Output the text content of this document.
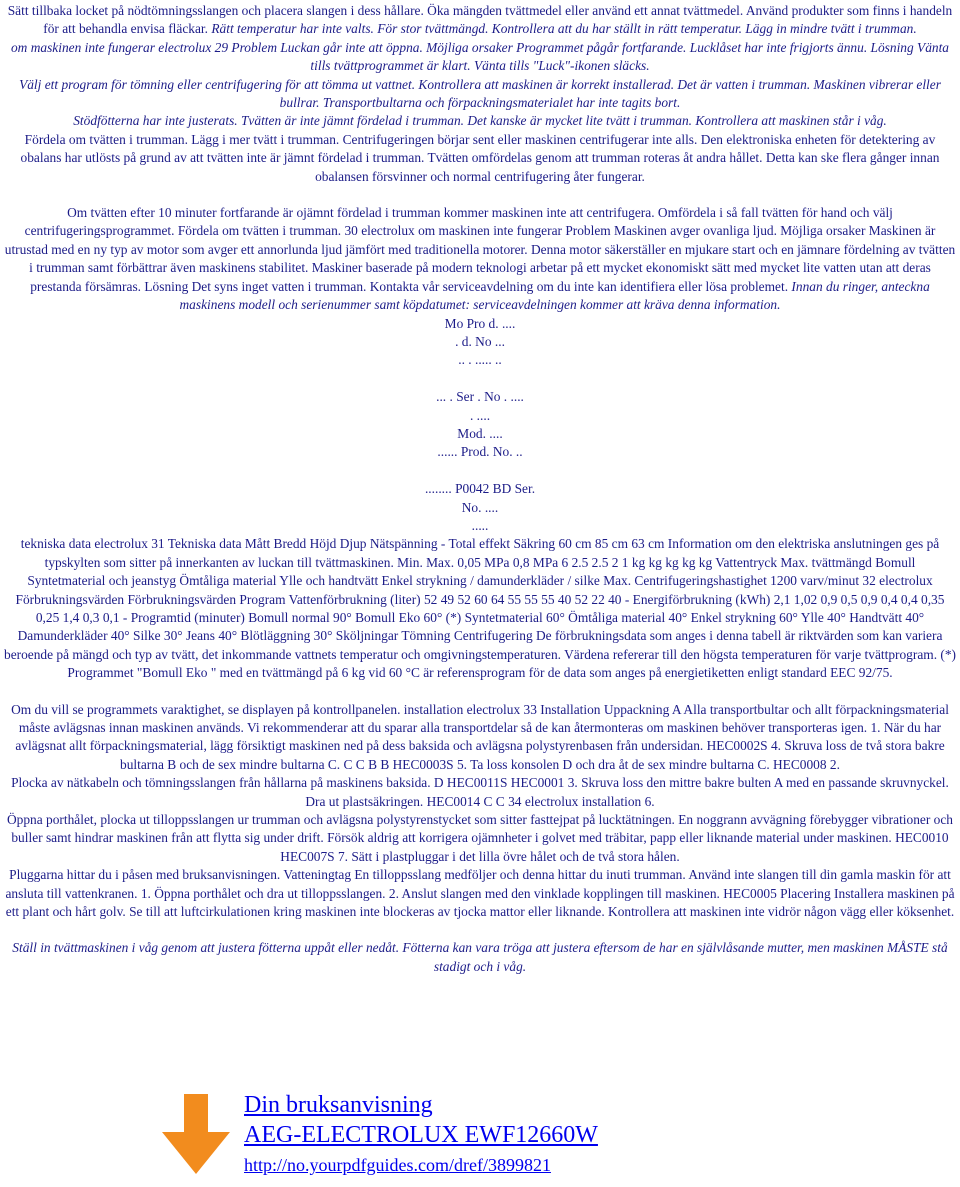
Sätt tillbaka locket på nödtömningsslangen och placera slangen i dess hållare. Öka mängden tvättmedel eller använd ett annat tvättmedel. Använd produkter som finns i handeln för att behandla envisa fläckar. Rätt temperatur har inte valts. För stor tvättmängd. Kontrollera att du har ställt in rätt temperatur. Lägg in mindre tvätt i trumman.

om maskinen inte fungerar electrolux 29 Problem Luckan går inte att öppna. Möjliga orsaker Programmet pågår fortfarande. Lucklåset har inte frigjorts ännu. Lösning Vänta tills tvättprogrammet är klart. Vänta tills "Luck"-ikonen släcks.

Välj ett program för tömning eller centrifugering för att tömma ut vattnet. Kontrollera att maskinen är korrekt installerad. Det är vatten i trumman. Maskinen vibrerar eller bullrar. Transportbultarna och förpackningsmaterialet har inte tagits bort.

Stödfötterna har inte justerats. Tvätten är inte jämnt fördelad i trumman. Det kanske är mycket lite tvätt i trumman. Kontrollera att maskinen står i våg.

Fördela om tvätten i trumman. Lägg i mer tvätt i trumman. Centrifugeringen börjar sent eller maskinen centrifugerar inte alls. Den elektroniska enheten för detektering av obalans har utlösts på grund av att tvätten inte är jämnt fördelad i trumman. Tvätten omfördelas genom att trumman roteras åt andra hållet. Detta kan ske flera gånger innan obalansen försvinner och normal centrifugering åter fungerar.

Om tvätten efter 10 minuter fortfarande är ojämnt fördelad i trumman kommer maskinen inte att centrifugera. Omfördela i så fall tvätten för hand och välj centrifugeringsprogrammet. Fördela om tvätten i trumman. 30 electrolux om maskinen inte fungerar Problem Maskinen avger ovanliga ljud. Möjliga orsaker Maskinen är utrustad med en ny typ av motor som avger ett annorlunda ljud jämfört med traditionella motorer. Denna motor säkerställer en mjukare start och en jämnare fördelning av tvätten i trumman samt förbättrar även maskinens stabilitet. Maskiner baserade på modern teknologi arbetar på ett mycket ekonomiskt sätt med mycket lite vatten utan att deras prestanda försämras. Lösning Det syns inget vatten i trumman. Kontakta vår serviceavdelning om du inte kan identifiera eller lösa problemet. Innan du ringer, anteckna maskinens modell och serienummer samt köpdatumet: serviceavdelningen kommer att kräva denna information.

Mo Pro d. ....

. d. No ...

.. . ..... ..

... . Ser . No . ....

. ....

Mod. ....

...... Prod. No. ..

........ P0042 BD Ser.

No. ....

.....

tekniska data electrolux 31 Tekniska data Mått Bredd Höjd Djup Nätspänning - Total effekt Säkring 60 cm 85 cm 63 cm Information om den elektriska anslutningen ges på typskylten som sitter på innerkanten av luckan till tvättmaskinen. Min. Max. 0,05 MPa 0,8 MPa 6 2.5 2.5 2 1 kg kg kg kg kg Vattentryck Max. tvättmängd Bomull Syntetmaterial och jeanstyg Ömtåliga material Ylle och handtvätt Enkel strykning / damunderkläder / silke Max. Centrifugeringshastighet 1200 varv/minut 32 electrolux Förbrukningsvärden Förbrukningsvärden Program Vattenförbrukning (liter) 52 49 52 60 64 55 55 55 40 52 22 40 - Energiförbrukning (kWh) 2,1 1,02 0,9 0,5 0,9 0,4 0,4 0,35 0,25 1,4 0,3 0,1 - Programtid (minuter) Bomull normal 90° Bomull Eko 60° (*) Syntetmaterial 60° Ömtåliga material 40° Enkel strykning 60° Ylle 40° Handtvätt 40° Damunderkläder 40° Silke 30° Jeans 40° Blötläggning 30° Sköljningar Tömning Centrifugering De förbrukningsdata som anges i denna tabell är riktvärden som kan variera beroende på mängd och typ av tvätt, det inkommande vattnets temperatur och omgivningstemperaturen. Värdena refererar till den högsta temperaturen för varje tvättprogram. (*) Programmet "Bomull Eko " med en tvättmängd på 6 kg vid 60 °C är referensprogram för de data som anges på energietiketten enligt standard EEC 92/75.

Om du vill se programmets varaktighet, se displayen på kontrollpanelen. installation electrolux 33 Installation Uppackning A Alla transportbultar och allt förpackningsmaterial måste avlägsnas innan maskinen används. Vi rekommenderar att du sparar alla transportdelar så de kan återmonteras om maskinen behöver transporteras igen. 1. När du har avlägsnat allt förpackningsmaterial, lägg försiktigt maskinen ned på dess baksida och avlägsna polystyrenbasen från undersidan. HEC0002S 4. Skruva loss de två stora bakre bultarna B och de sex mindre bultarna C. C C B B HEC0003S 5. Ta loss konsolen D och dra åt de sex mindre bultarna C. HEC0008 2.

Plocka av nätkabeln och tömningsslangen från hållarna på maskinens baksida. D HEC0011S HEC0001 3. Skruva loss den mittre bakre bulten A med en passande skruvnyckel. Dra ut plastsäkringen. HEC0014 C C 34 electrolux installation 6.

Öppna porthålet, plocka ut tilloppsslangen ur trumman och avlägsna polystyrenstycket som sitter fasttejpat på lucktätningen. En noggrann avvägning förebygger vibrationer och buller samt hindrar maskinen från att flytta sig under drift. Försök aldrig att korrigera ojämnheter i golvet med träbitar, papp eller liknande material under maskinen. HEC0010 HEC007S 7. Sätt i plastpluggar i det lilla övre hålet och de två stora hålen.

Pluggarna hittar du i påsen med bruksanvisningen. Vatteningtag En tilloppsslang medföljer och denna hittar du inuti trumman. Använd inte slangen till din gamla maskin för att ansluta till vattenkranen. 1. Öppna porthålet och dra ut tilloppsslangen. 2. Anslut slangen med den vinklade kopplingen till maskinen. HEC0005 Placering Installera maskinen på ett plant och hårt golv. Se till att luftcirkulationen kring maskinen inte blockeras av tjocka mattor eller liknande. Kontrollera att maskinen inte vidrör någon vägg eller köksenhet.

Ställ in tvättmaskinen i våg genom att justera fötterna uppåt eller nedåt. Fötterna kan vara tröga att justera eftersom de har en självlåsande mutter, men maskinen MÅSTE stå stadigt och i våg.

Din bruksanvisning
AEG-ELECTROLUX EWF12660W
http://no.yourpdfguides.com/dref/3899821
